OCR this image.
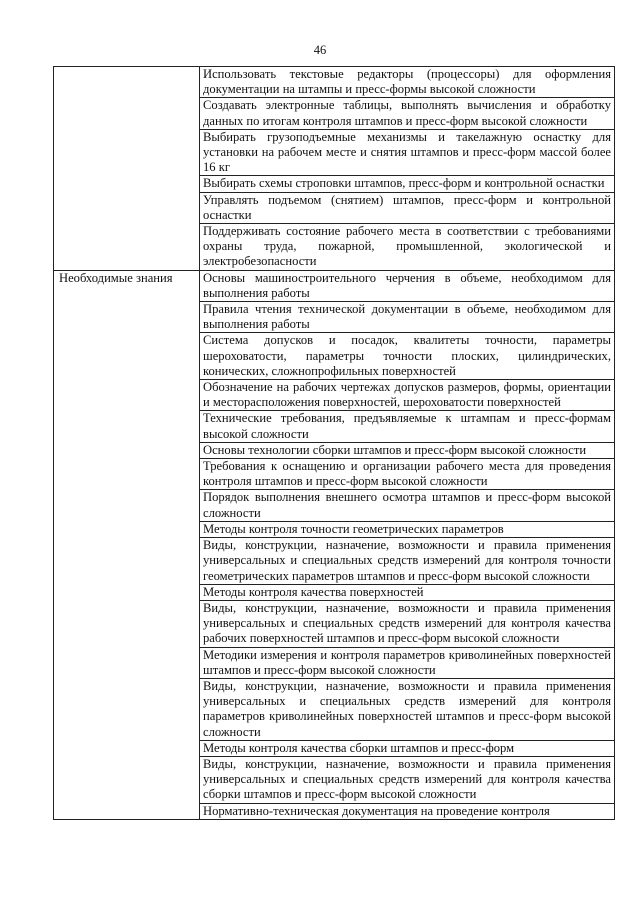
46
	Использовать текстовые редакторы (процессоры) для оформления документации на штампы и пресс-формы высокой сложности
	Создавать электронные таблицы, выполнять вычисления и обработку данных по итогам контроля штампов и пресс-форм высокой сложности
	Выбирать грузоподъемные механизмы и такелажную оснастку для установки на рабочем месте и снятия штампов и пресс-форм массой более 16 кг
	Выбирать схемы строповки штампов, пресс-форм и контрольной оснастки
	Управлять подъемом (снятием) штампов, пресс-форм и контрольной оснастки
	Поддерживать состояние рабочего места в соответствии с требованиями охраны труда, пожарной, промышленной, экологической и электробезопасности
Необходимые знания	Основы машиностроительного черчения в объеме, необходимом для выполнения работы
	Правила чтения технической документации в объеме, необходимом для выполнения работы
	Система допусков и посадок, квалитеты точности, параметры шероховатости, параметры точности плоских, цилиндрических, конических, сложнопрофильных поверхностей
	Обозначение на рабочих чертежах допусков размеров, формы, ориентации и месторасположения поверхностей, шероховатости поверхностей
	Технические требования, предъявляемые к штампам и пресс-формам высокой сложности
	Основы технологии сборки штампов и пресс-форм высокой сложности
	Требования к оснащению и организации рабочего места для проведения контроля штампов и пресс-форм высокой сложности
	Порядок выполнения внешнего осмотра штампов и пресс-форм высокой сложности
	Методы контроля точности геометрических параметров
	Виды, конструкции, назначение, возможности и правила применения универсальных и специальных средств измерений для контроля точности геометрических параметров штампов и пресс-форм высокой сложности
	Методы контроля качества поверхностей
	Виды, конструкции, назначение, возможности и правила применения универсальных и специальных средств измерений для контроля качества рабочих поверхностей штампов и пресс-форм высокой сложности
	Методики измерения и контроля параметров криволинейных поверхностей штампов и пресс-форм высокой сложности
	Виды, конструкции, назначение, возможности и правила применения универсальных и специальных средств измерений для контроля параметров криволинейных поверхностей штампов и пресс-форм высокой сложности
	Методы контроля качества сборки штампов и пресс-форм
	Виды, конструкции, назначение, возможности и правила применения универсальных и специальных средств измерений для контроля качества сборки штампов и пресс-форм высокой сложности
	Нормативно-техническая документация на проведение контроля
